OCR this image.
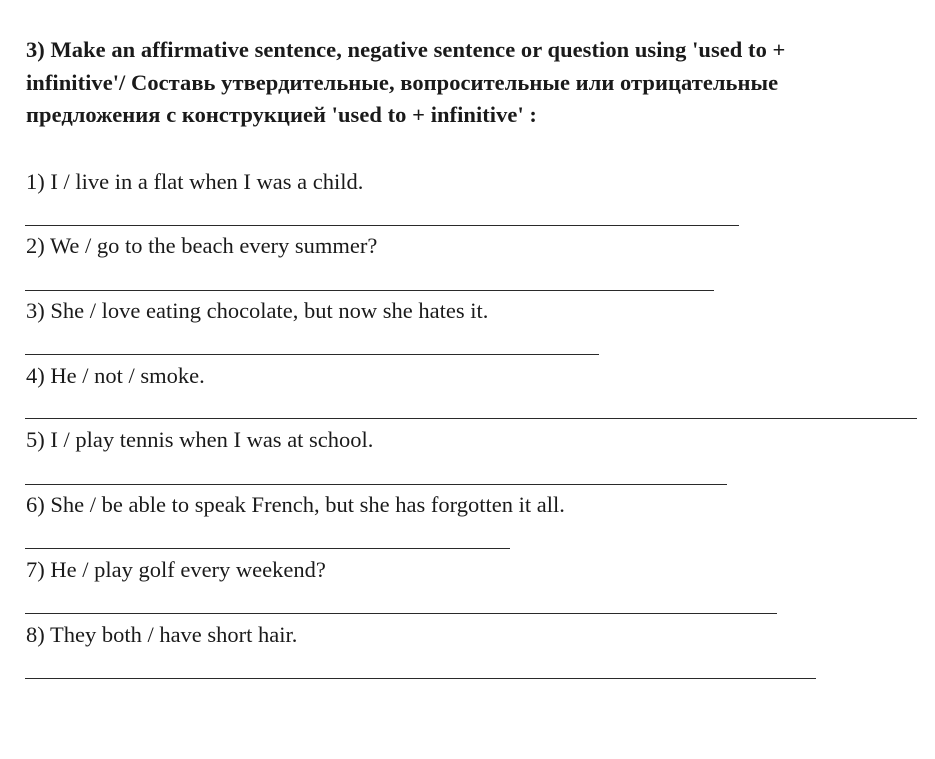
3) Make an affirmative sentence, negative sentence or question using 'used to +

infinitive'/ Составь утвердительные, вопросительные или отрицательные

предложения с конструкцией 'used to + infinitive' :

1) I / live in a flat when I was a child.
2) We / go to the beach every summer?
3) She / love eating chocolate, but now she hates it.
4) He / not / smoke.
5) I / play tennis when I was at school.
6) She / be able to speak French, but she has forgotten it all.
7) He / play golf every weekend?
8) They both / have short hair.
